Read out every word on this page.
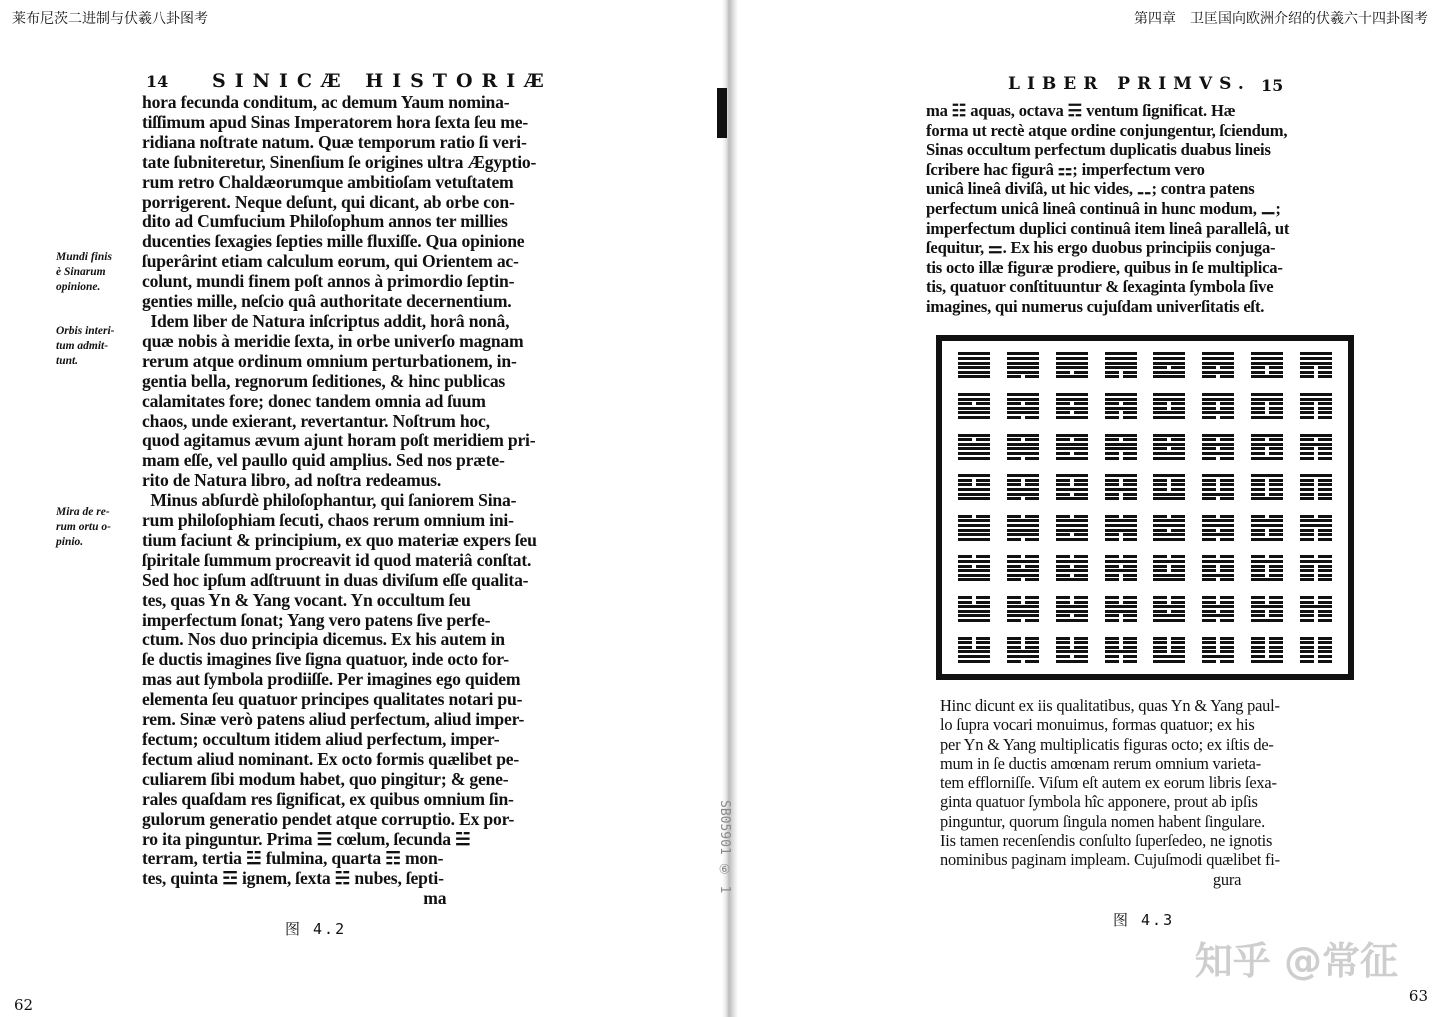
莱布尼茨二进制与伏羲八卦图考
14 SINICÆ HISTORIÆ
Mundi finis
è Sinarum
opinione.
Orbis interi-
tum admit-
tunt.
Mira de re-
rum ortu o-
pinio.
hora fecunda conditum, ac demum Yaum nomina-
tiſſimum apud Sinas Imperatorem hora ſexta ſeu me-
ridiana noſtrate natum. Quæ temporum ratio ſi veri-
tate ſubniteretur, Sinenſium ſe origines ultra Ægyptio-
rum retro Chaldæorumque ambitioſam vetuſtatem
porrigerent. Neque deſunt, qui dicant, ab orbe con-
dito ad Cumfucium Philoſophum annos ter millies
ducenties ſexagies ſepties mille fluxiſſe. Qua opinione
ſuperârint etiam calculum eorum, qui Orientem ac-
colunt, mundi finem poſt annos à primordio ſeptin-
genties mille, neſcio quâ authoritate decernentium.
Idem liber de Natura inſcriptus addit, horâ nonâ,
quæ nobis à meridie ſexta, in orbe univerſo magnam
rerum atque ordinum omnium perturbationem, in-
gentia bella, regnorum ſeditiones, & hinc publicas
calamitates fore; donec tandem omnia ad ſuum
chaos, unde exierant, revertantur. Noſtrum hoc,
quod agitamus ævum ajunt horam poſt meridiem pri-
mam eſſe, vel paullo quid amplius. Sed nos præte-
rito de Natura libro, ad noſtra redeamus.
Minus abſurdè philoſophantur, qui ſaniorem Sina-
rum philoſophiam ſecuti, chaos rerum omnium ini-
tium faciunt & principium, ex quo materiæ expers ſeu
ſpiritale ſummum procreavit id quod materiâ conſtat.
Sed hoc ipſum adſtruunt in duas diviſum eſſe qualita-
tes, quas Yn & Yang vocant. Yn occultum ſeu
imperfectum ſonat; Yang vero patens ſive perfe-
ctum. Nos duo principia dicemus. Ex his autem in
ſe ductis imagines ſive ſigna quatuor, inde octo for-
mas aut ſymbola prodiiſſe. Per imagines ego quidem
elementa ſeu quatuor principes qualitates notari pu-
rem. Sinæ verò patens aliud perfectum, aliud imper-
fectum; occultum itidem aliud perfectum, imper-
fectum aliud nominant. Ex octo formis quælibet pe-
culiarem ſibi modum habet, quo pingitur; & gene-
rales quaſdam res ſignificat, ex quibus omnium ſin-
gulorum generatio pendet atque corruptio. Ex por-
ro ita pinguntur. Prima ☰ cœlum, ſecunda ☱
terram, tertia ☳ fulmina, quarta ☶ mon-
tes, quinta ☲ ignem, ſexta ☵ nubes, ſepti-
ma
图 4.2
62
SB05901 ⑥ 1
第四章　卫匡国向欧洲介绍的伏羲六十四卦图考
LIBER PRIMVS. 15
ma ☷ aquas, octava ☴ ventum ſignificat. Hæ
forma ut rectè atque ordine conjungentur, ſciendum,
Sinas occultum perfectum duplicatis duabus lineis
ſcribere hac figurâ ⚏; imperfectum vero
unicâ lineâ diviſâ, ut hic vides, ⚋; contra patens
perfectum unicâ lineâ continuâ in hunc modum, ⚊;
imperfectum duplici continuâ item lineâ parallelâ, ut
ſequitur, ⚌. Ex his ergo duobus principiis conjuga-
tis octo illæ figuræ prodiere, quibus in ſe multiplica-
tis, quatuor conſtituuntur & ſexaginta ſymbola ſive
imagines, qui numerus cujuſdam univerſitatis eſt.
Hinc dicunt ex iis qualitatibus, quas Yn & Yang paul-
lo ſupra vocari monuimus, formas quatuor; ex his
per Yn & Yang multiplicatis figuras octo; ex iſtis de-
mum in ſe ductis amœnam rerum omnium varieta-
tem efflorniſſe. Viſum eſt autem ex eorum libris ſexa-
ginta quatuor ſymbola hîc apponere, prout ab ipſis
pinguntur, quorum ſingula nomen habent ſingulare.
Iis tamen recenſendis conſulto ſuperſedeo, ne ignotis
nominibus paginam impleam. Cujuſmodi quælibet fi-
gura
图 4.3
63
知乎 @常征
